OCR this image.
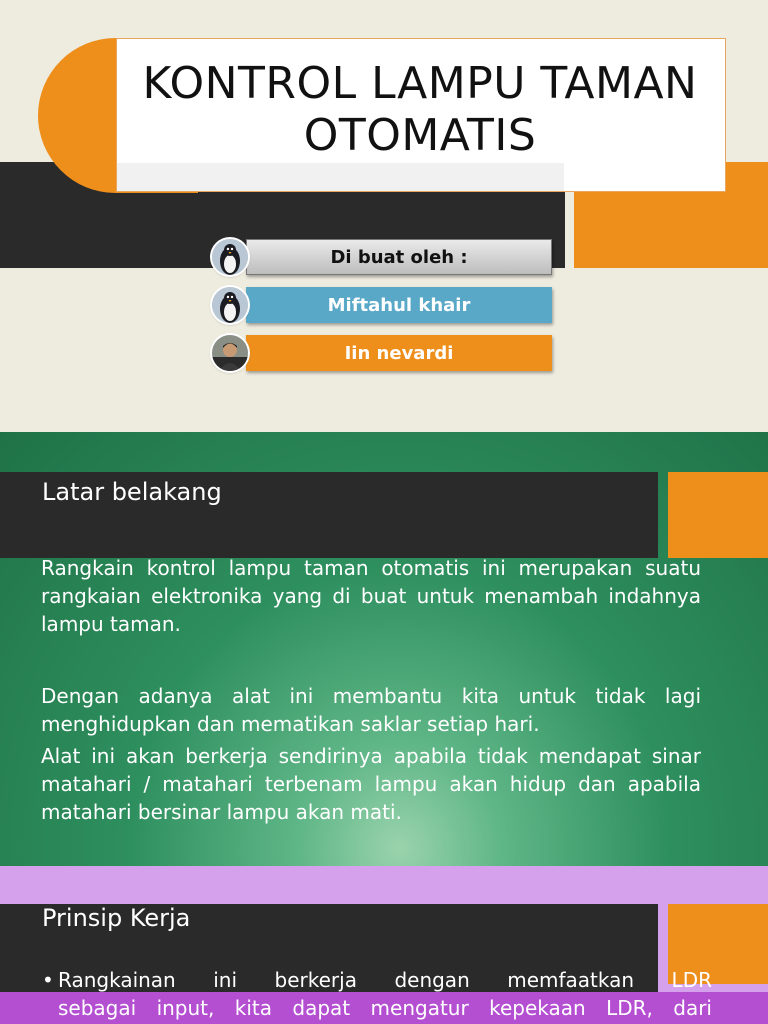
KONTROL LAMPU TAMAN
OTOMATIS
Di buat oleh :
Miftahul khair
Iin nevardi
Latar belakang
Rangkain kontrol lampu taman otomatis ini merupakan suatu rangkaian elektronika yang di buat untuk menambah indahnya lampu taman.
Dengan adanya alat ini membantu kita untuk tidak lagi menghidupkan dan mematikan saklar setiap hari.
Alat ini akan berkerja sendirinya apabila tidak mendapat sinar matahari / matahari terbenam lampu akan hidup dan apabila matahari bersinar lampu akan mati.
Prinsip Kerja
• Rangkainan ini berkerja dengan memfaatkan LDR
sebagai input, kita dapat mengatur kepekaan LDR, dari
